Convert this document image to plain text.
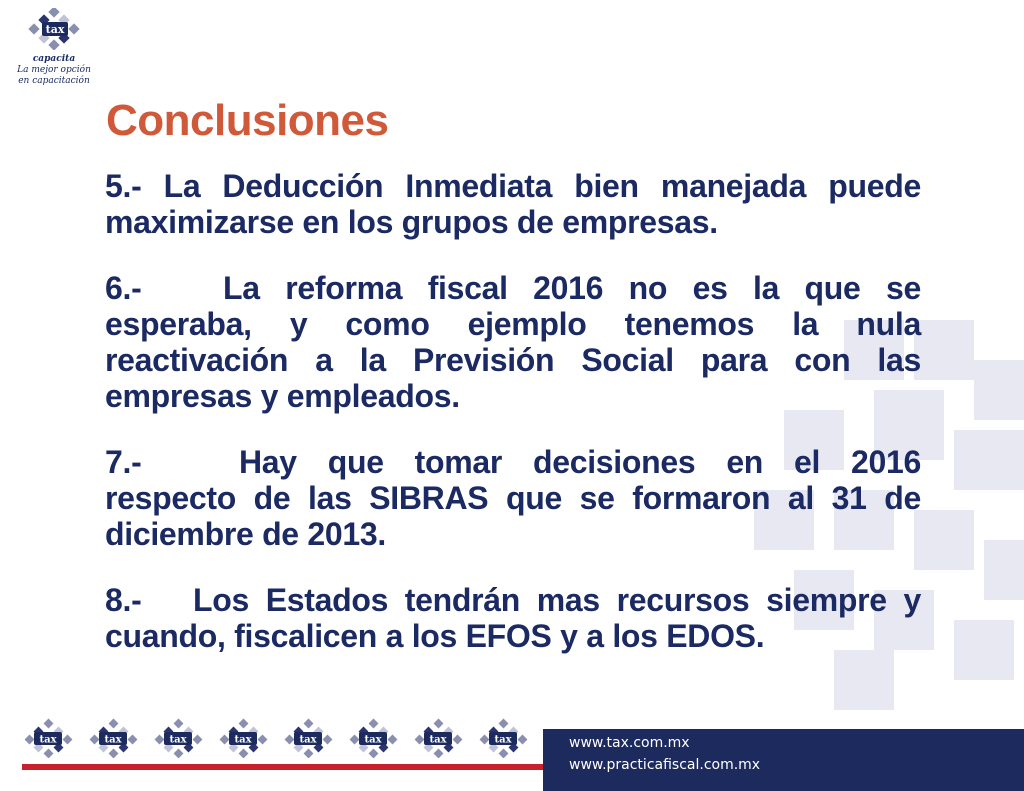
tax
capacita
La mejor opción
en capacitación
Conclusiones

5.- La Deducción Inmediata bien manejada puede maximizarse en los grupos de empresas.

6.-	La reforma fiscal 2016 no es la que se esperaba, y como ejemplo tenemos la nula reactivación a la Previsión Social para con las empresas y empleados.

7.-	Hay que tomar decisiones en el 2016 respecto de las SIBRAS que se formaron al 31 de diciembre de 2013.

8.- Los Estados tendrán mas recursos siempre y cuando, fiscalicen a los EFOS y a los EDOS.

tax	tax	tax	tax	tax	tax	tax	tax	www.tax.com.mx
www.practicafiscal.com.mx
